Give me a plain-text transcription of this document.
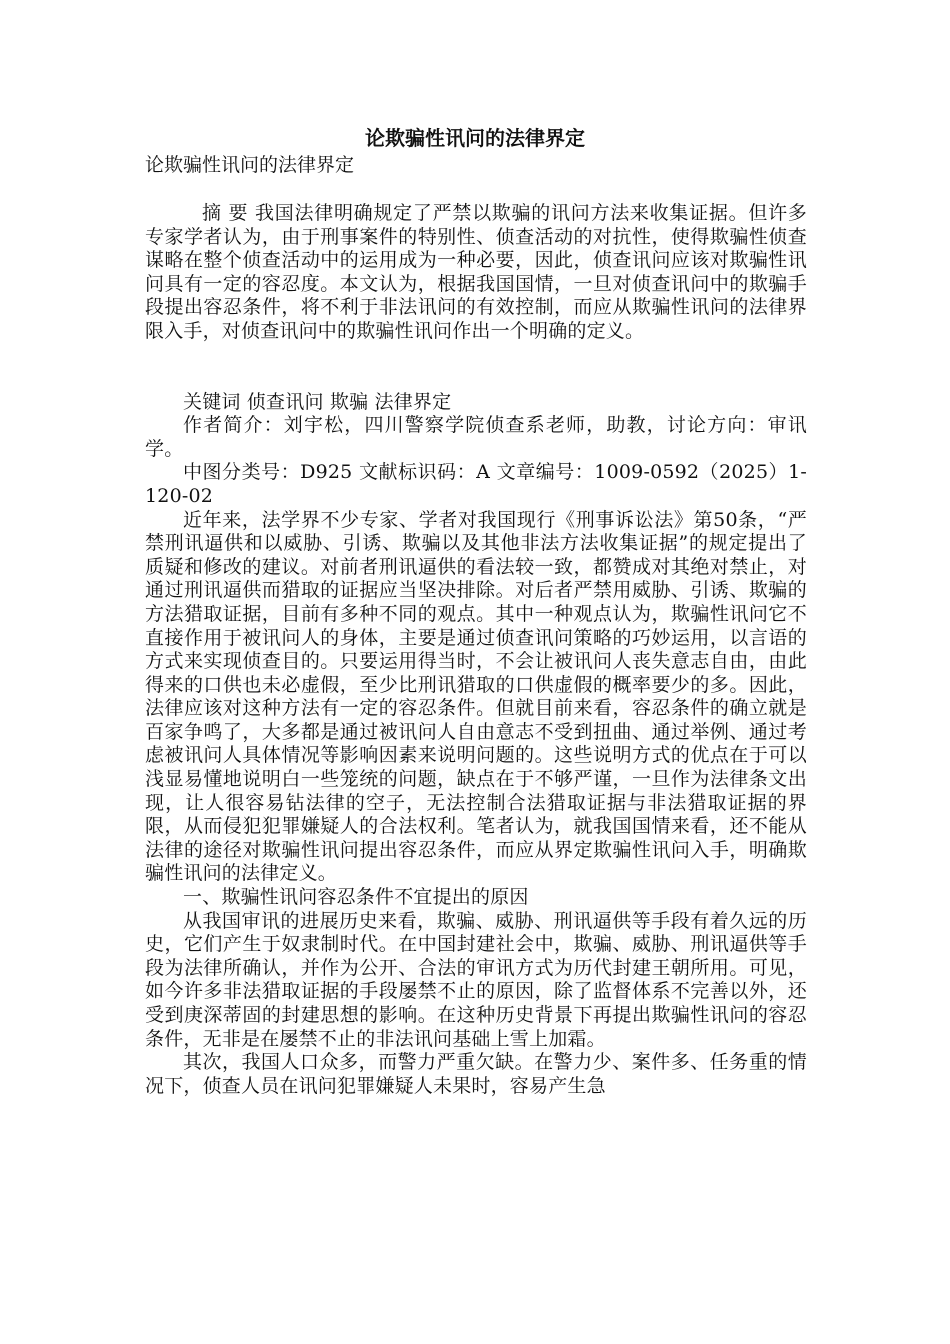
论欺骗性讯问的法律界定
论欺骗性讯问的法律界定

摘 要 我国法律明确规定了严禁以欺骗的讯问方法来收集证据。但许多专家学者认为，由于刑事案件的特别性、侦查活动的对抗性，使得欺骗性侦查谋略在整个侦查活动中的运用成为一种必要，因此，侦查讯问应该对欺骗性讯问具有一定的容忍度。本文认为，根据我国国情，一旦对侦查讯问中的欺骗手段提出容忍条件，将不利于非法讯问的有效控制，而应从欺骗性讯问的法律界限入手，对侦查讯问中的欺骗性讯问作出一个明确的定义。

关键词 侦查讯问 欺骗 法律界定

作者简介：刘宇松，四川警察学院侦查系老师，助教，讨论方向：审讯学。

中图分类号：D925 文献标识码：A 文章编号：1009-0592（2025）1-120-02

近年来，法学界不少专家、学者对我国现行《刑事诉讼法》第50条，“严禁刑讯逼供和以威胁、引诱、欺骗以及其他非法方法收集证据”的规定提出了质疑和修改的建议。对前者刑讯逼供的看法较一致，都赞成对其绝对禁止，对通过刑讯逼供而猎取的证据应当坚决排除。对后者严禁用威胁、引诱、欺骗的方法猎取证据，目前有多种不同的观点。其中一种观点认为，欺骗性讯问它不直接作用于被讯问人的身体，主要是通过侦查讯问策略的巧妙运用，以言语的方式来实现侦查目的。只要运用得当时，不会让被讯问人丧失意志自由，由此得来的口供也未必虚假，至少比刑讯猎取的口供虚假的概率要少的多。因此，法律应该对这种方法有一定的容忍条件。但就目前来看，容忍条件的确立就是百家争鸣了，大多都是通过被讯问人自由意志不受到扭曲、通过举例、通过考虑被讯问人具体情况等影响因素来说明问题的。这些说明方式的优点在于可以浅显易懂地说明白一些笼统的问题，缺点在于不够严谨，一旦作为法律条文出现，让人很容易钻法律的空子，无法控制合法猎取证据与非法猎取证据的界限，从而侵犯犯罪嫌疑人的合法权利。笔者认为，就我国国情来看，还不能从法律的途径对欺骗性讯问提出容忍条件，而应从界定欺骗性讯问入手，明确欺骗性讯问的法律定义。

一、欺骗性讯问容忍条件不宜提出的原因

从我国审讯的进展历史来看，欺骗、威胁、刑讯逼供等手段有着久远的历史，它们产生于奴隶制时代。在中国封建社会中，欺骗、威胁、刑讯逼供等手段为法律所确认，并作为公开、合法的审讯方式为历代封建王朝所用。可见，如今许多非法猎取证据的手段屡禁不止的原因，除了监督体系不完善以外，还受到庚深蒂固的封建思想的影响。在这种历史背景下再提出欺骗性讯问的容忍条件，无非是在屡禁不止的非法讯问基础上雪上加霜。

其次，我国人口众多，而警力严重欠缺。在警力少、案件多、任务重的情况下，侦查人员在讯问犯罪嫌疑人未果时，容易产生急
